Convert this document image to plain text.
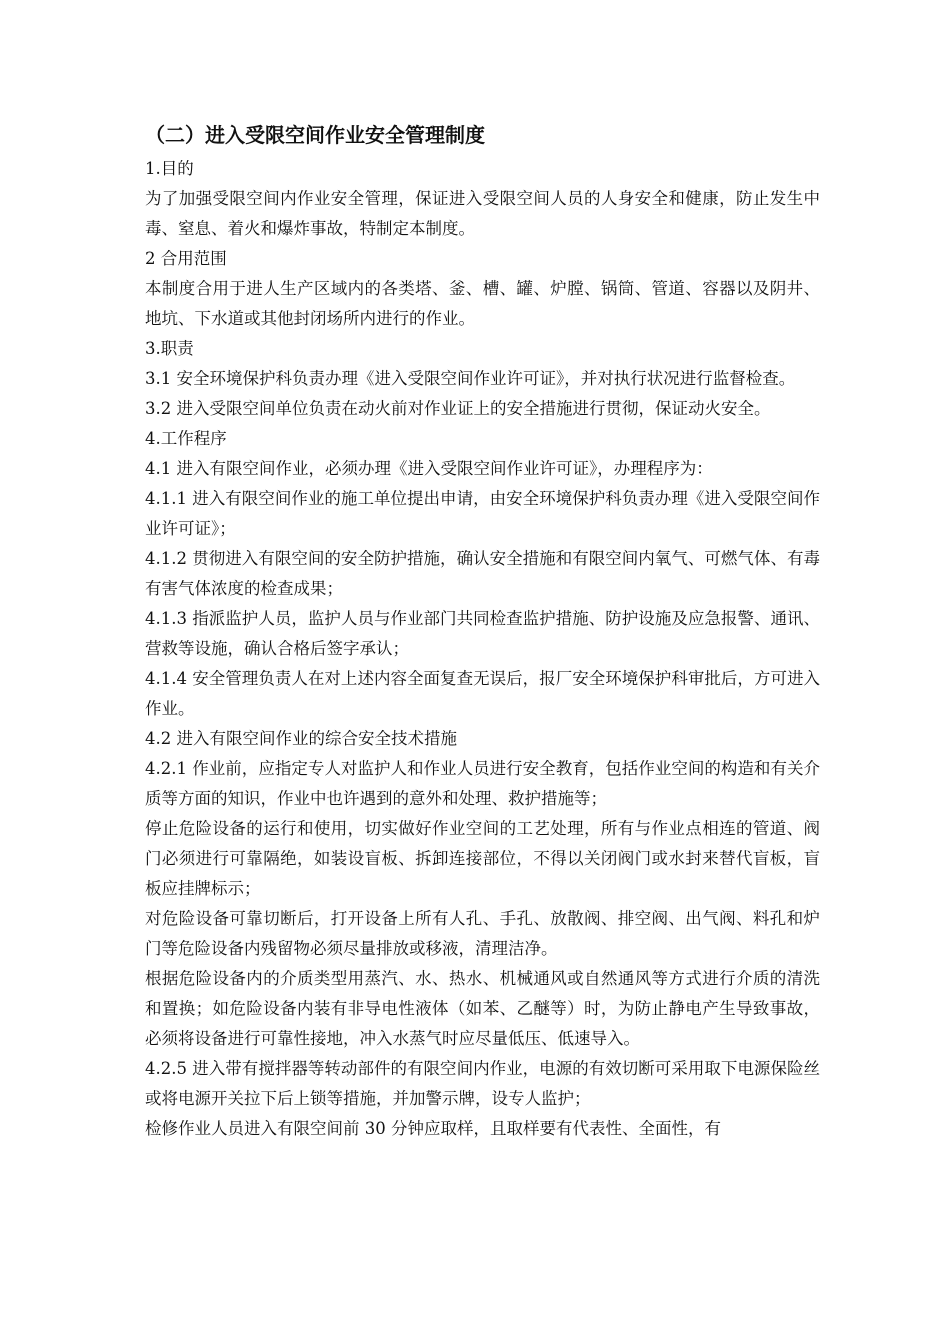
（二）进入受限空间作业安全管理制度

1.目的

为了加强受限空间内作业安全管理，保证进入受限空间人员的人身安全和健康，防止发生中毒、窒息、着火和爆炸事故，特制定本制度。

2 合用范围

本制度合用于进人生产区域内的各类塔、釜、槽、罐、炉膛、锅筒、管道、容器以及阴井、地坑、下水道或其他封闭场所内进行的作业。

3.职责

3.1 安全环境保护科负责办理《进入受限空间作业许可证》，并对执行状况进行监督检查。

3.2 进入受限空间单位负责在动火前对作业证上的安全措施进行贯彻，保证动火安全。

4.工作程序

4.1 进入有限空间作业，必须办理《进入受限空间作业许可证》，办理程序为：

4.1.1 进入有限空间作业的施工单位提出申请，由安全环境保护科负责办理《进入受限空间作业许可证》；

4.1.2 贯彻进入有限空间的安全防护措施，确认安全措施和有限空间内氧气、可燃气体、有毒有害气体浓度的检查成果；

4.1.3 指派监护人员，监护人员与作业部门共同检查监护措施、防护设施及应急报警、通讯、营救等设施，确认合格后签字承认；

4.1.4 安全管理负责人在对上述内容全面复查无误后，报厂安全环境保护科审批后，方可进入作业。

4.2 进入有限空间作业的综合安全技术措施

4.2.1 作业前，应指定专人对监护人和作业人员进行安全教育，包括作业空间的构造和有关介质等方面的知识，作业中也许遇到的意外和处理、救护措施等；

停止危险设备的运行和使用，切实做好作业空间的工艺处理，所有与作业点相连的管道、阀门必须进行可靠隔绝，如装设盲板、拆卸连接部位，不得以关闭阀门或水封来替代盲板，盲板应挂牌标示；

对危险设备可靠切断后，打开设备上所有人孔、手孔、放散阀、排空阀、出气阀、料孔和炉门等危险设备内残留物必须尽量排放或移液，清理洁净。

根据危险设备内的介质类型用蒸汽、水、热水、机械通风或自然通风等方式进行介质的清洗和置换；如危险设备内装有非导电性液体（如苯、乙醚等）时，为防止静电产生导致事故，必须将设备进行可靠性接地，冲入水蒸气时应尽量低压、低速导入。

4.2.5 进入带有搅拌器等转动部件的有限空间内作业，电源的有效切断可采用取下电源保险丝或将电源开关拉下后上锁等措施，并加警示牌，设专人监护；

检修作业人员进入有限空间前 30 分钟应取样，且取样要有代表性、全面性，有
